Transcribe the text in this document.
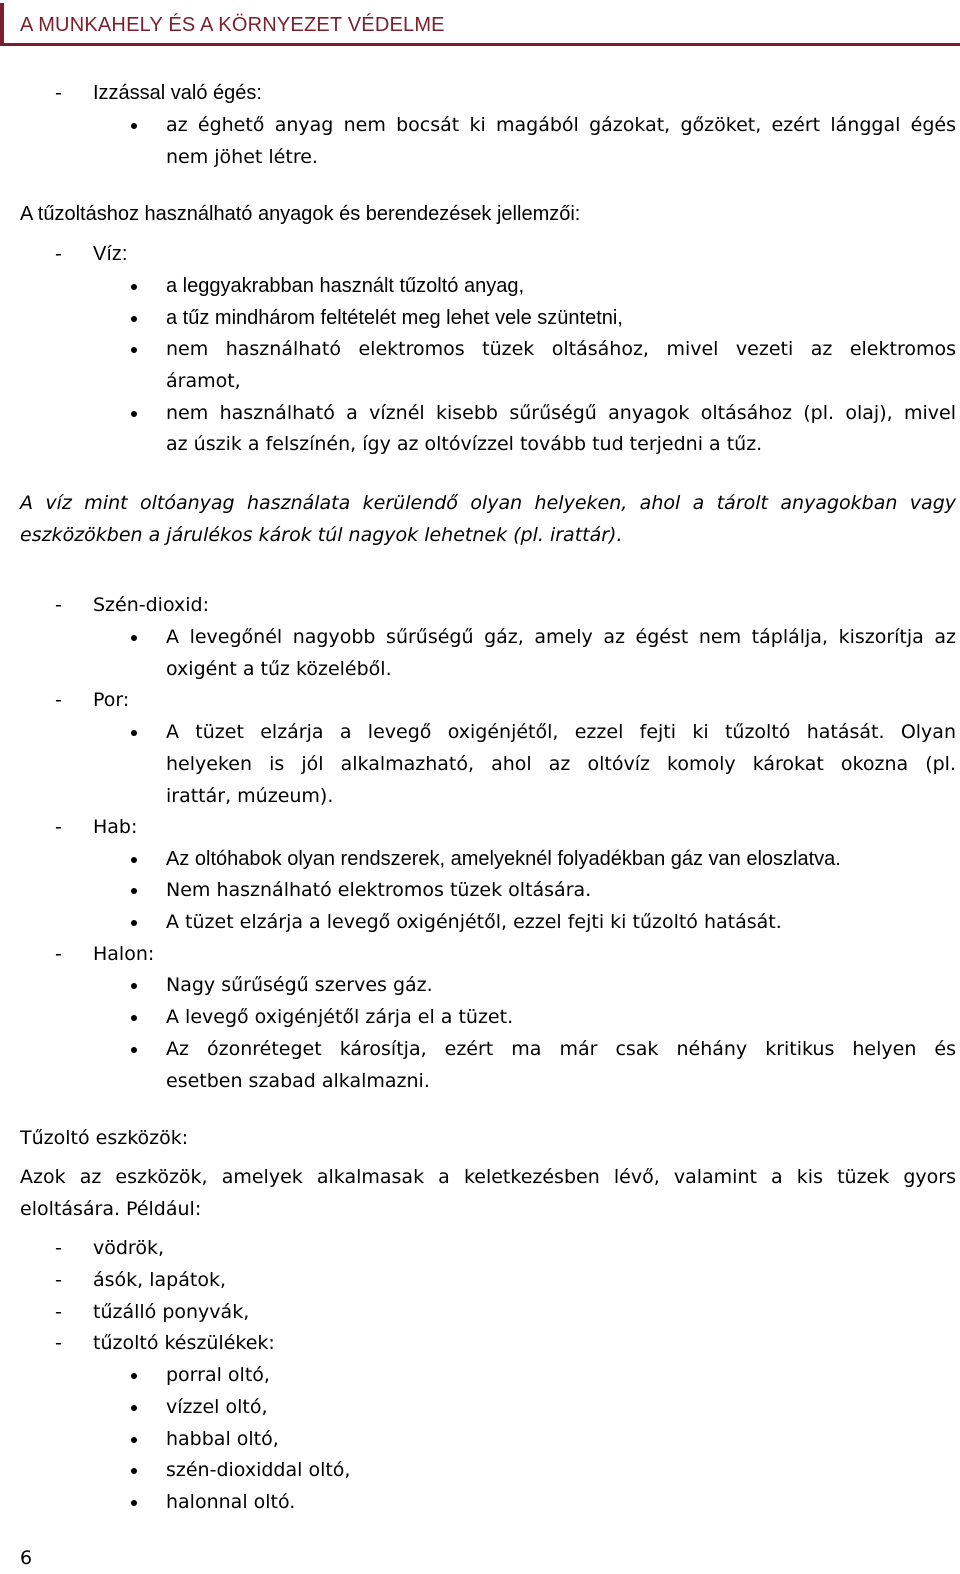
A MUNKAHELY ÉS A KÖRNYEZET VÉDELME
- Izzással való égés:
az éghető anyag nem bocsát ki magából gázokat, gőzöket, ezért lánggal égés
nem jöhet létre.
A tűzoltáshoz használható anyagok és berendezések jellemzői:
- Víz:
a leggyakrabban használt tűzoltó anyag,
a tűz mindhárom feltételét meg lehet vele szüntetni,
nem használható elektromos tüzek oltásához, mivel vezeti az elektromos
áramot,
nem használható a víznél kisebb sűrűségű anyagok oltásához (pl. olaj), mivel
az úszik a felszínén, így az oltóvízzel tovább tud terjedni a tűz.
A víz mint oltóanyag használata kerülendő olyan helyeken, ahol a tárolt anyagokban vagy
eszközökben a járulékos károk túl nagyok lehetnek (pl. irattár).
- Szén-dioxid:
A levegőnél nagyobb sűrűségű gáz, amely az égést nem táplálja, kiszorítja az
oxigént a tűz közeléből.
- Por:
A tüzet elzárja a levegő oxigénjétől, ezzel fejti ki tűzoltó hatását. Olyan
helyeken is jól alkalmazható, ahol az oltóvíz komoly károkat okozna (pl.
irattár, múzeum).
- Hab:
Az oltóhabok olyan rendszerek, amelyeknél folyadékban gáz van eloszlatva.
Nem használható elektromos tüzek oltására.
A tüzet elzárja a levegő oxigénjétől, ezzel fejti ki tűzoltó hatását.
- Halon:
Nagy sűrűségű szerves gáz.
A levegő oxigénjétől zárja el a tüzet.
Az ózonréteget károsítja, ezért ma már csak néhány kritikus helyen és
esetben szabad alkalmazni.
Tűzoltó eszközök:
Azok az eszközök, amelyek alkalmasak a keletkezésben lévő, valamint a kis tüzek gyors
eloltására. Például:
- vödrök,
- ásók, lapátok,
- tűzálló ponyvák,
- tűzoltó készülékek:
porral oltó,
vízzel oltó,
habbal oltó,
szén-dioxiddal oltó,
halonnal oltó.
6
